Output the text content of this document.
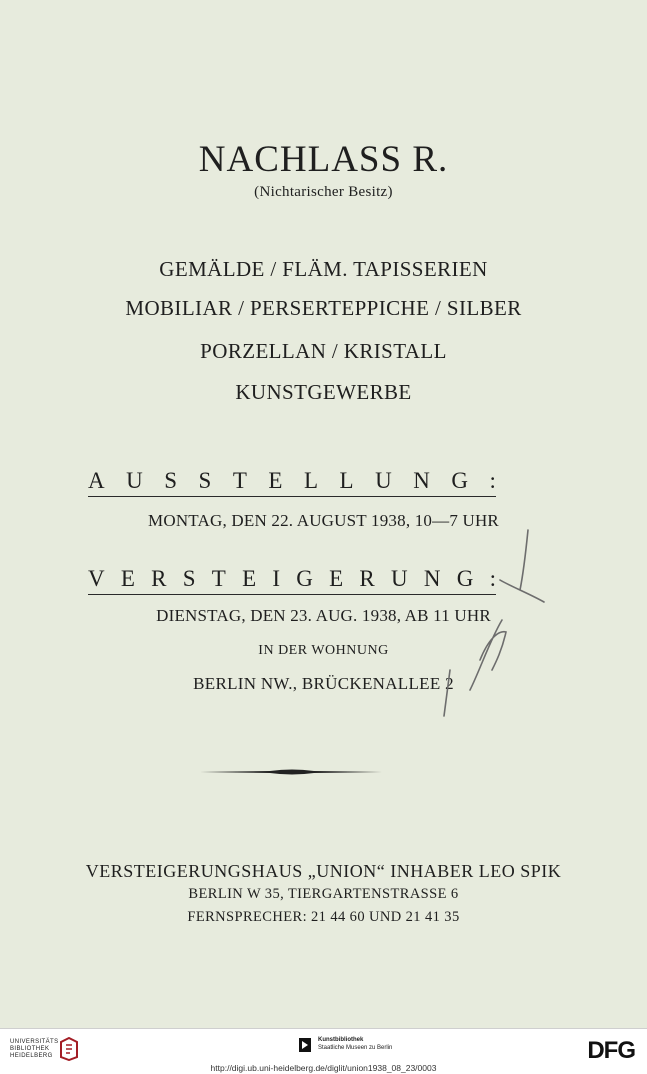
NACHLASS R.
(Nichtarischer Besitz)
GEMÄLDE / FLÄM. TAPISSERIEN
MOBILIAR / PERSERTEPPICHE / SILBER
PORZELLAN / KRISTALL
KUNSTGEWERBE
A U S S T E L L U N G :
MONTAG, DEN 22. AUGUST 1938, 10—7 UHR
V E R S T E I G E R U N G :
DIENSTAG, DEN 23. AUG. 1938, AB 11 UHR
IN DER WOHNUNG
BERLIN NW., BRÜCKENALLEE 2
VERSTEIGERUNGSHAUS „UNION“ INHABER LEO SPIK
BERLIN W 35, TIERGARTENSTRASSE 6
FERNSPRECHER: 21 44 60 UND 21 41 35
UNIVERSITÄTS
BIBLIOTHEK
HEIDELBERG
Kunstbibliothek
Staatliche Museen zu Berlin	DFG
http://digi.ub.uni-heidelberg.de/diglit/union1938_08_23/0003
